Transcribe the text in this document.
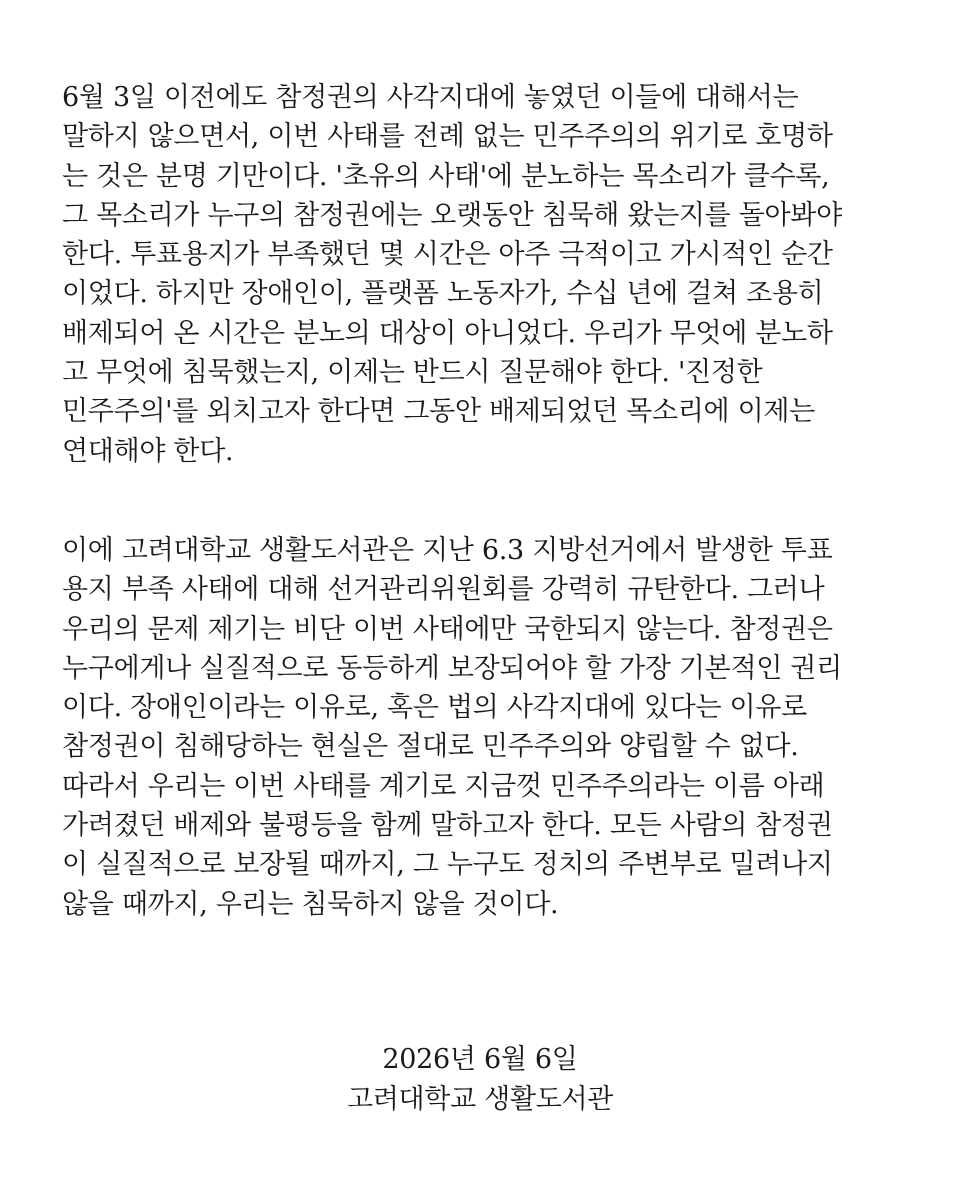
6월 3일 이전에도 참정권의 사각지대에 놓였던 이들에 대해서는
말하지 않으면서, 이번 사태를 전례 없는 민주주의의 위기로 호명하
는 것은 분명 기만이다. '초유의 사태'에 분노하는 목소리가 클수록,
그 목소리가 누구의 참정권에는 오랫동안 침묵해 왔는지를 돌아봐야
한다. 투표용지가 부족했던 몇 시간은 아주 극적이고 가시적인 순간
이었다. 하지만 장애인이, 플랫폼 노동자가, 수십 년에 걸쳐 조용히
배제되어 온 시간은 분노의 대상이 아니었다. 우리가 무엇에 분노하
고 무엇에 침묵했는지, 이제는 반드시 질문해야 한다. '진정한
민주주의'를 외치고자 한다면 그동안 배제되었던 목소리에 이제는
연대해야 한다.
이에 고려대학교 생활도서관은 지난 6.3 지방선거에서 발생한 투표
용지 부족 사태에 대해 선거관리위원회를 강력히 규탄한다. 그러나
우리의 문제 제기는 비단 이번 사태에만 국한되지 않는다. 참정권은
누구에게나 실질적으로 동등하게 보장되어야 할 가장 기본적인 권리
이다. 장애인이라는 이유로, 혹은 법의 사각지대에 있다는 이유로
참정권이 침해당하는 현실은 절대로 민주주의와 양립할 수 없다.
따라서 우리는 이번 사태를 계기로 지금껏 민주주의라는 이름 아래
가려졌던 배제와 불평등을 함께 말하고자 한다. 모든 사람의 참정권
이 실질적으로 보장될 때까지, 그 누구도 정치의 주변부로 밀려나지
않을 때까지, 우리는 침묵하지 않을 것이다.
2026년 6월 6일
고려대학교 생활도서관
